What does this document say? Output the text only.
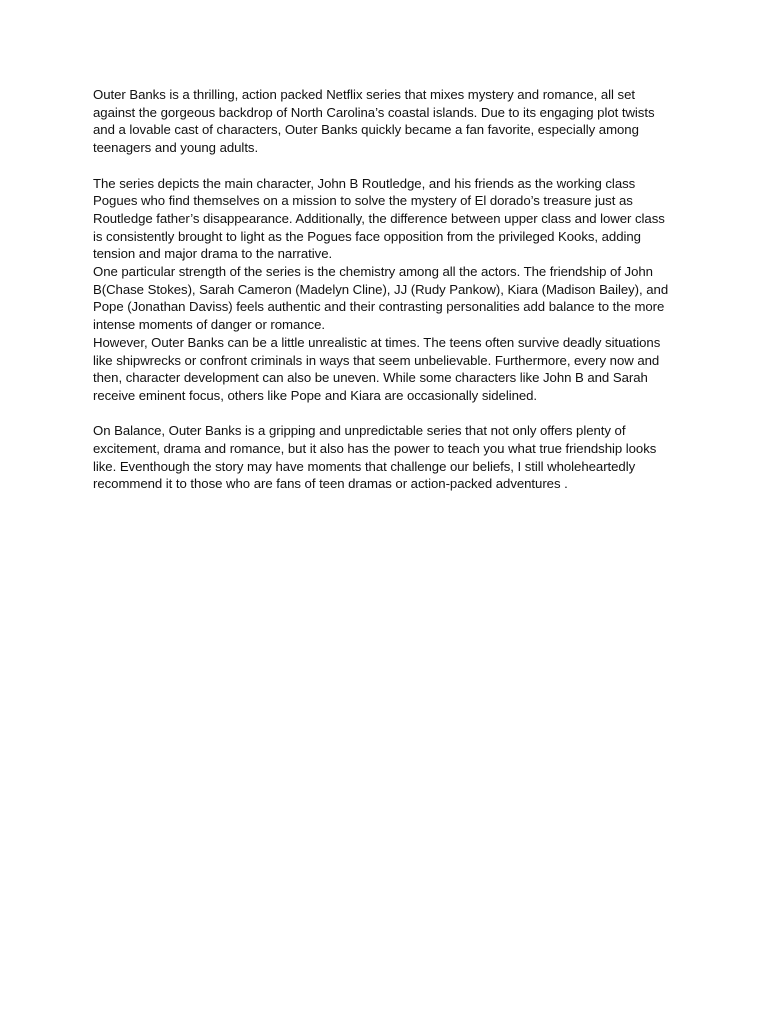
Outer Banks is a thrilling, action packed Netflix series that mixes mystery and romance, all set against the gorgeous backdrop of North Carolina’s coastal islands. Due to its engaging plot twists and a lovable cast of characters, Outer Banks quickly became a fan favorite, especially among teenagers and young adults.

The series depicts the main character, John B Routledge, and his friends as the working class Pogues who find themselves on a mission to solve the mystery of El dorado’s treasure just as Routledge father’s disappearance. Additionally, the difference between upper class and lower class is consistently brought to light as the Pogues face opposition from the privileged Kooks, adding tension and major drama to the narrative.

One particular strength of the series is the chemistry among all the actors. The friendship of John B(Chase Stokes), Sarah Cameron (Madelyn Cline), JJ (Rudy Pankow), Kiara (Madison Bailey), and Pope (Jonathan Daviss) feels authentic and their contrasting personalities add balance to the more intense moments of danger or romance.

However, Outer Banks can be a little unrealistic at times. The teens often survive deadly situations like shipwrecks or confront criminals in ways that seem unbelievable. Furthermore, every now and then, character development can also be uneven. While some characters like John B and Sarah receive eminent focus, others like Pope and Kiara are occasionally sidelined.

On Balance, Outer Banks is a gripping and unpredictable series that not only offers plenty of excitement, drama and romance, but it also has the power to teach you what true friendship looks like. Eventhough the story may have moments that challenge our beliefs, I still wholeheartedly recommend it to those who are fans of teen dramas or action-packed adventures .
